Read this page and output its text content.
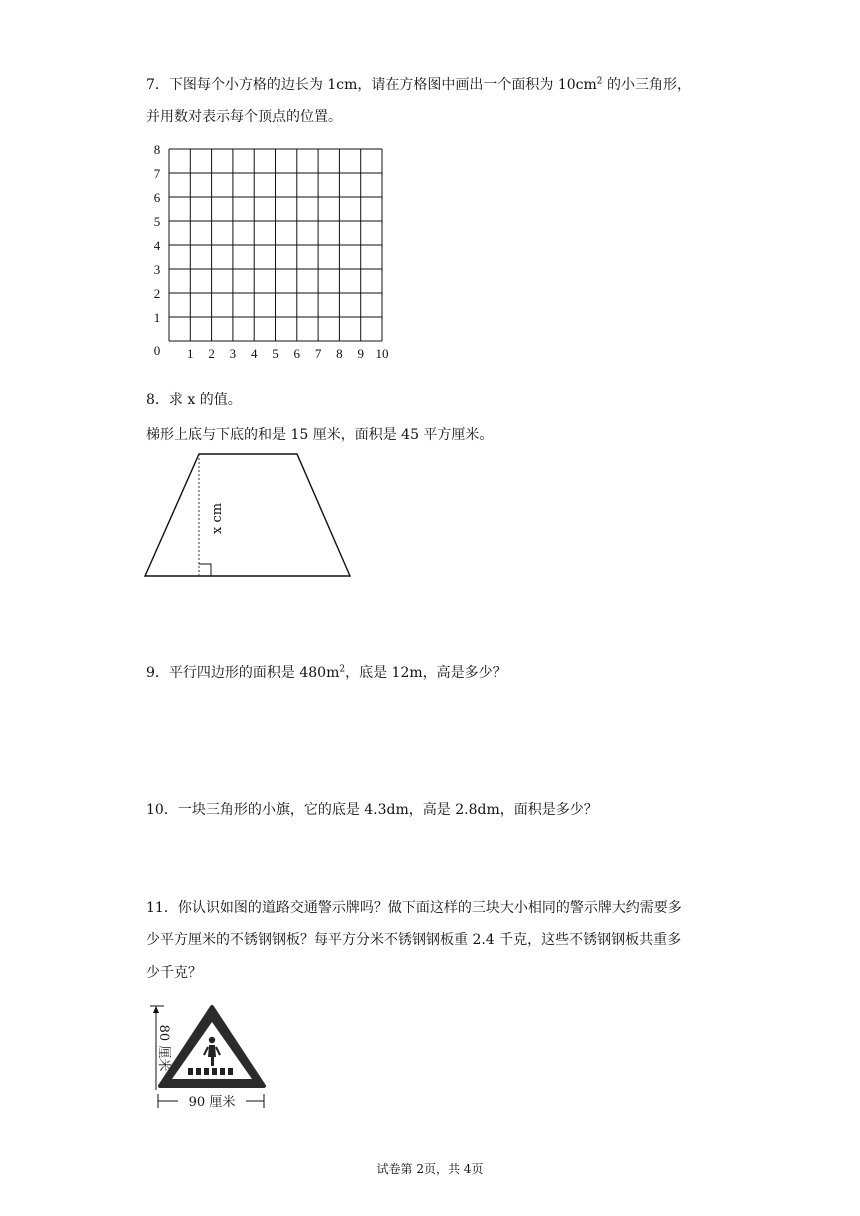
7．下图每个小方格的边长为 1cm，请在方格图中画出一个面积为 $10cm^2$ 的小三角形，
并用数对表示每个顶点的位置。
0 1 2 3 4 5 6 7 8 9 10
1
2
3
4
5
6
7
8
8．求 x 的值。
梯形上底与下底的和是 15 厘米，面积是 45 平方厘米。
x cm
9．平行四边形的面积是 $480m^2$，底是 12m，高是多少？
10．一块三角形的小旗，它的底是 4.3dm，高是 2.8dm，面积是多少？
11．你认识如图的道路交通警示牌吗？做下面这样的三块大小相同的警示牌大约需要多
少平方厘米的不锈钢钢板？每平方分米不锈钢钢板重 2.4 千克，这些不锈钢钢板共重多
少千克？
80 厘米
90 厘米
试卷第 2页，共 4页
